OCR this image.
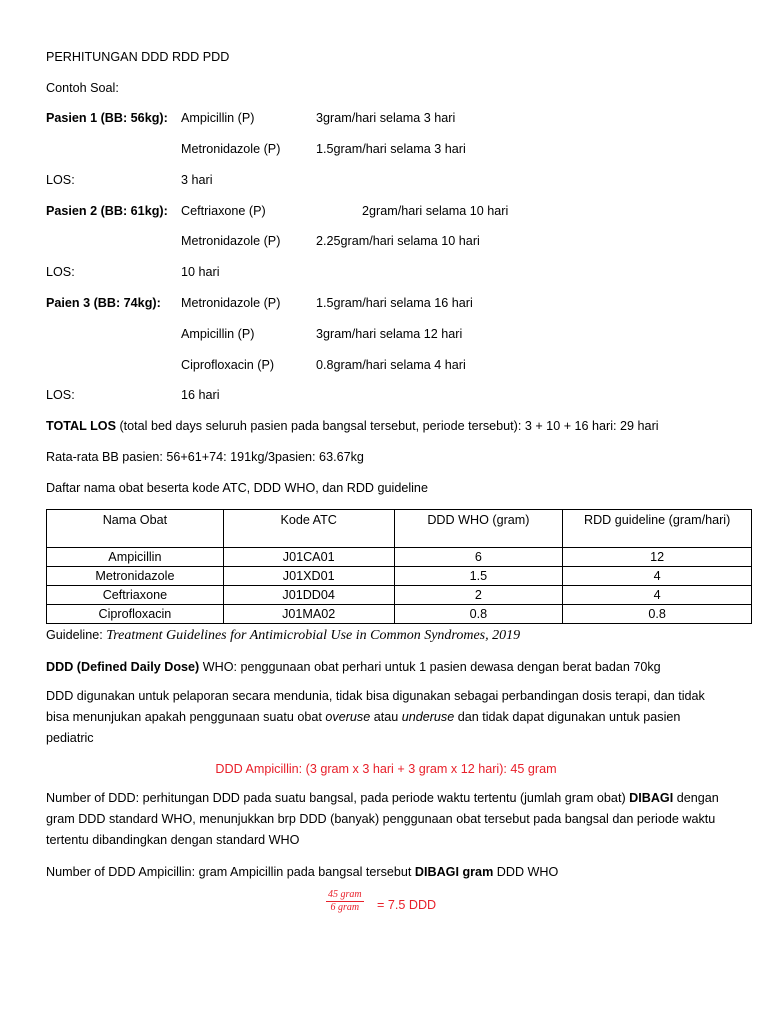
PERHITUNGAN DDD RDD PDD
Contoh Soal:
Pasien 1 (BB: 56kg): Ampicillin (P)	3gram/hari selama 3 hari
Metronidazole (P)	1.5gram/hari selama 3 hari
LOS:	3 hari
Pasien 2 (BB: 61kg): Ceftriaxone (P)	2gram/hari selama 10 hari
Metronidazole (P)	2.25gram/hari selama 10 hari
LOS:	10 hari
Paien 3 (BB: 74kg): Metronidazole (P)	1.5gram/hari selama 16 hari
Ampicillin (P)	3gram/hari selama 12 hari
Ciprofloxacin (P)	0.8gram/hari selama 4 hari
LOS:	16 hari
TOTAL LOS (total bed days seluruh pasien pada bangsal tersebut, periode tersebut): 3 + 10 + 16 hari: 29 hari
Rata-rata BB pasien: 56+61+74: 191kg/3pasien: 63.67kg
Daftar nama obat beserta kode ATC, DDD WHO, dan RDD guideline
Nama Obat	Kode ATC	DDD WHO (gram)	RDD guideline (gram/hari)
Ampicillin	J01CA01	6	12
Metronidazole	J01XD01	1.5	4
Ceftriaxone	J01DD04	2	4
Ciprofloxacin	J01MA02	0.8	0.8
Guideline: Treatment Guidelines for Antimicrobial Use in Common Syndromes, 2019
DDD (Defined Daily Dose) WHO: penggunaan obat perhari untuk 1 pasien dewasa dengan berat badan 70kg
DDD digunakan untuk pelaporan secara mendunia, tidak bisa digunakan sebagai perbandingan dosis terapi, dan tidak bisa menunjukan apakah penggunaan suatu obat overuse atau underuse dan tidak dapat digunakan untuk pasien pediatric
DDD Ampicillin: (3 gram x 3 hari + 3 gram x 12 hari): 45 gram
Number of DDD: perhitungan DDD pada suatu bangsal, pada periode waktu tertentu (jumlah gram obat) DIBAGI dengan gram DDD standard WHO, menunjukkan brp DDD (banyak) penggunaan obat tersebut pada bangsal dan periode waktu tertentu dibandingkan dengan standard WHO
Number of DDD Ampicillin: gram Ampicillin pada bangsal tersebut DIBAGI gram DDD WHO
45 gram
6 gram	= 7.5 DDD
